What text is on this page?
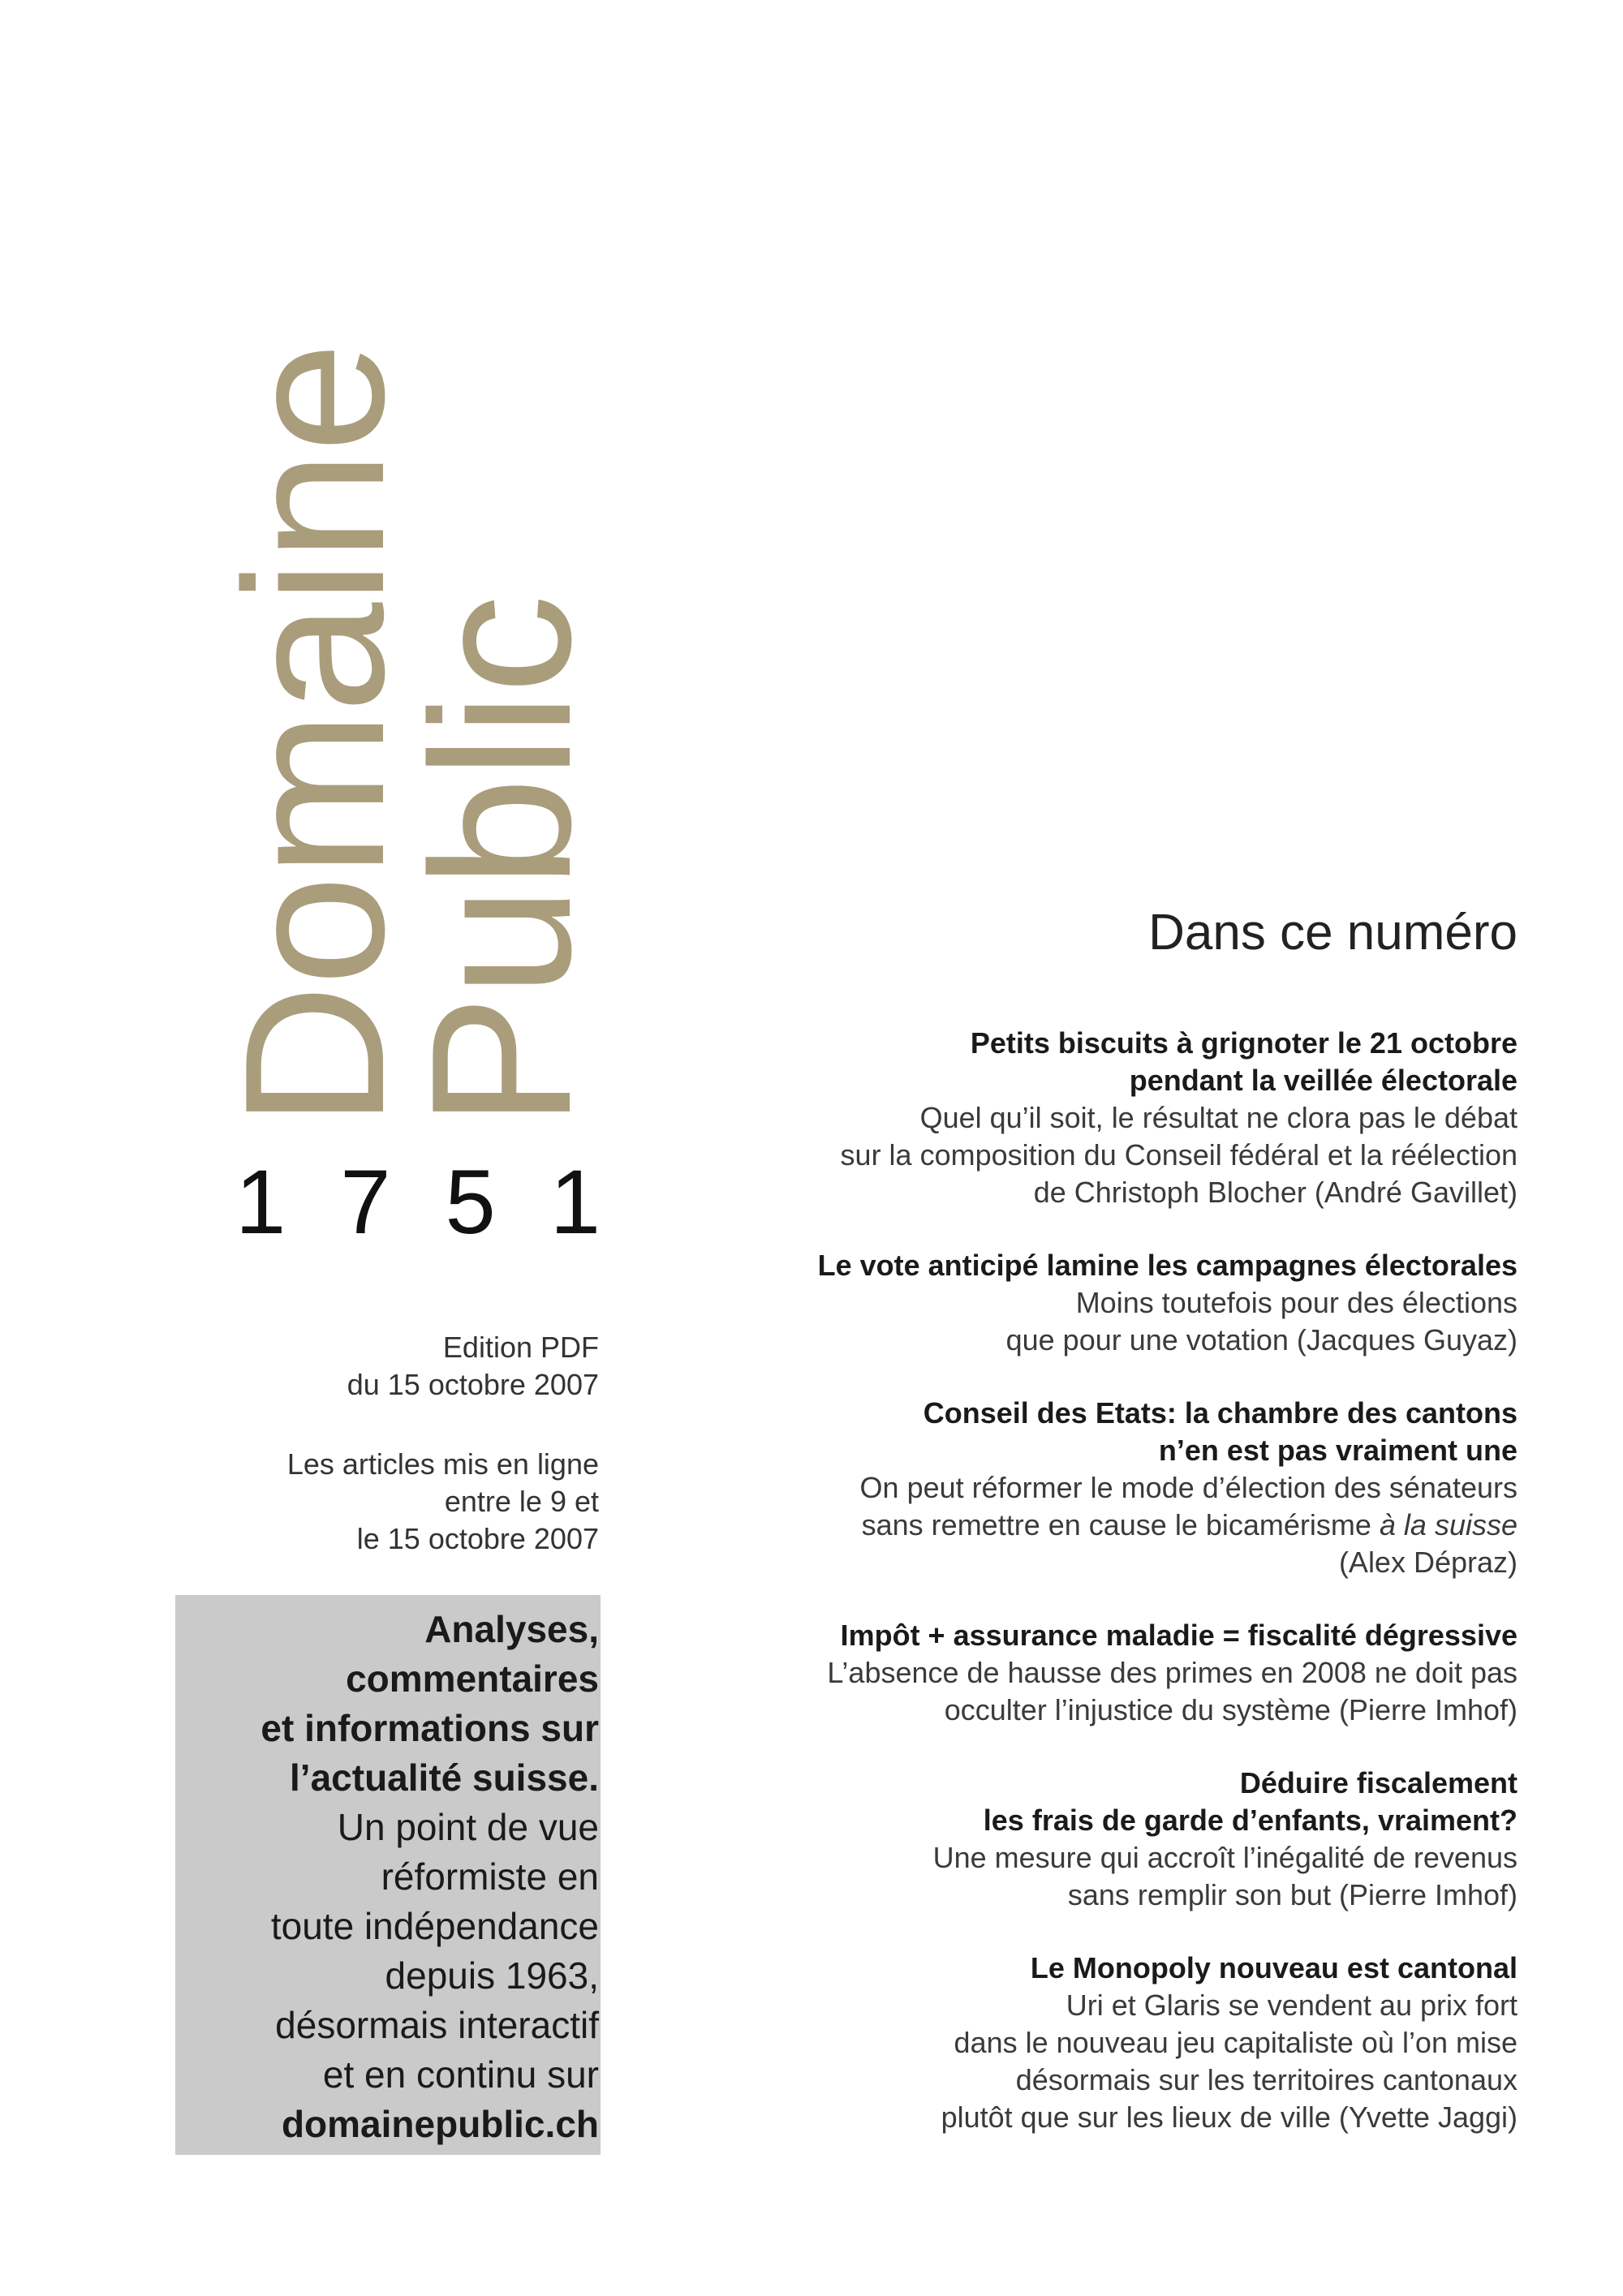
Domaine
Public
1 7 5 1

Edition PDF

du 15 octobre 2007

Les articles mis en ligne

entre le 9 et

le 15 octobre 2007

Analyses,

commentaires

et informations sur

l’actualité suisse.

Un point de vue

réformiste en

toute indépendance

depuis 1963,

désormais interactif

et en continu sur

domainepublic.ch

Dans ce numéro

Petits biscuits à grignoter le 21 octobre
pendant la veillée électorale

Quel qu’il soit, le résultat ne clora pas le débat
sur la composition du Conseil fédéral et la réélection
de Christoph Blocher (André Gavillet)

Le vote anticipé lamine les campagnes électorales

Moins toutefois pour des élections
que pour une votation (Jacques Guyaz)

Conseil des Etats: la chambre des cantons
n’en est pas vraiment une

On peut réformer le mode d’élection des sénateurs
sans remettre en cause le bicamérisme à la suisse
(Alex Dépraz)

Impôt + assurance maladie = fiscalité dégressive

L’absence de hausse des primes en 2008 ne doit pas
occulter l’injustice du système (Pierre Imhof)

Déduire fiscalement
les frais de garde d’enfants, vraiment?

Une mesure qui accroît l’inégalité de revenus
sans remplir son but (Pierre Imhof)

Le Monopoly nouveau est cantonal

Uri et Glaris se vendent au prix fort
dans le nouveau jeu capitaliste où l’on mise
désormais sur les territoires cantonaux
plutôt que sur les lieux de ville (Yvette Jaggi)
